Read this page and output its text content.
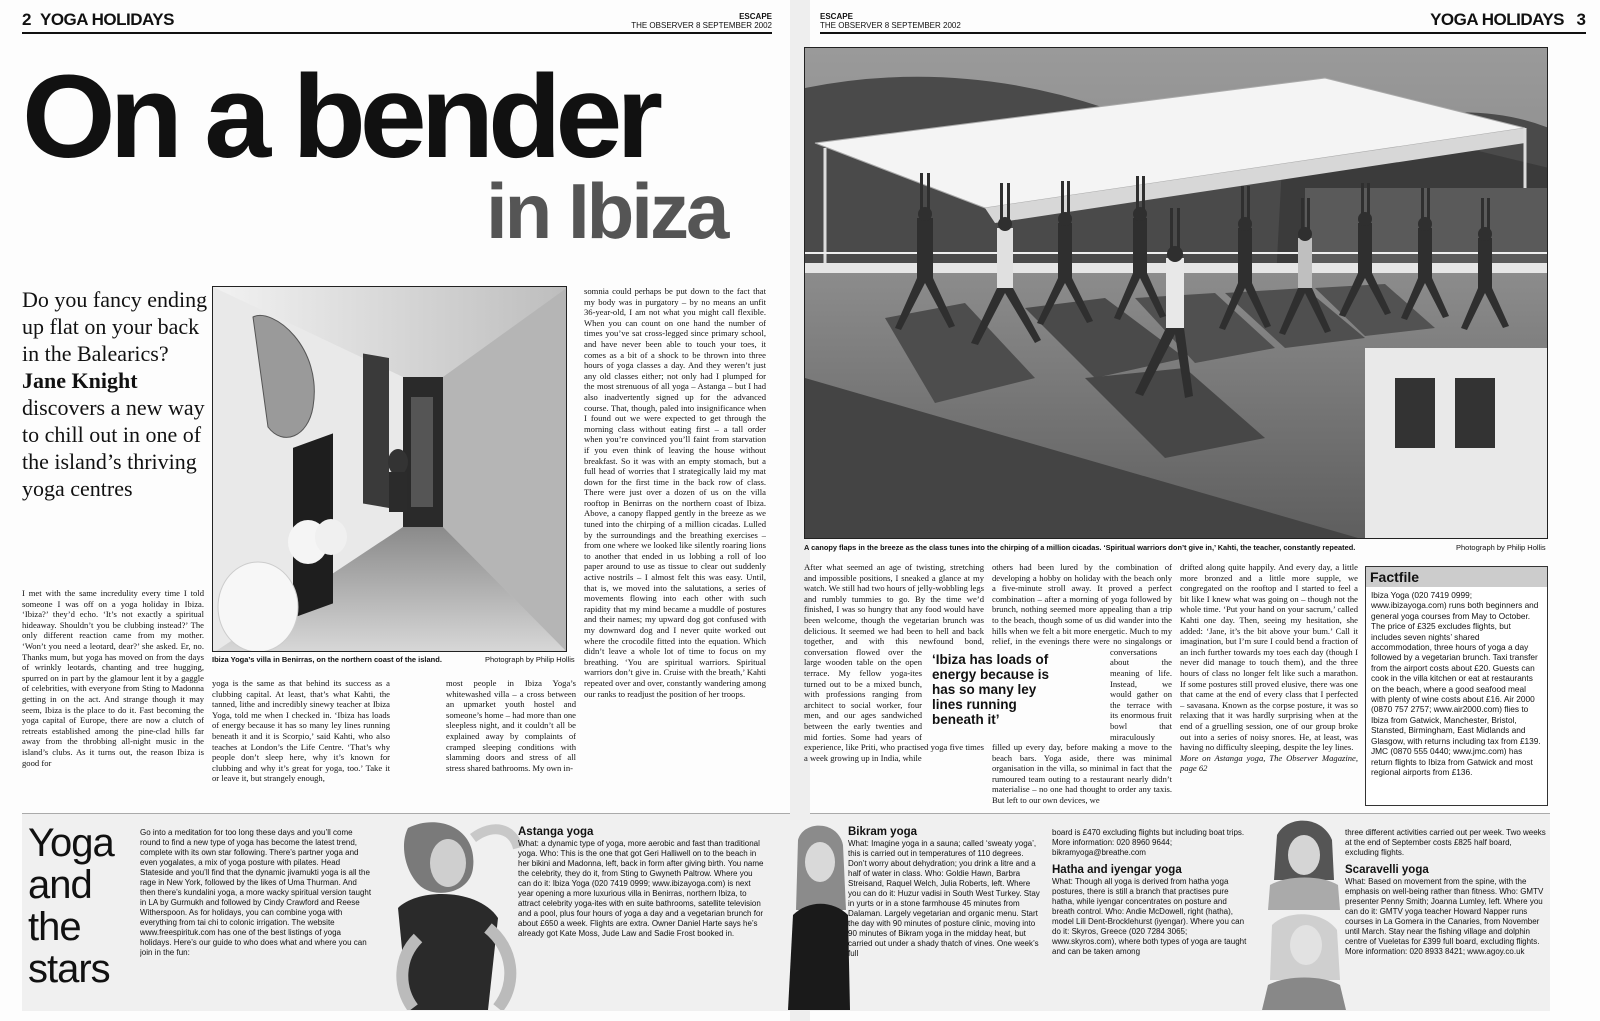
2 YOGA HOLIDAYS	ESCAPE
THE OBSERVER 8 SEPTEMBER 2002
On a bender
in Ibiza
Do you fancy ending up flat on your back in the Balearics? Jane Knight discovers a new way to chill out in one of the island’s thriving yoga centres
Ibiza Yoga’s villa in Benirras, on the northern coast of the island.	Photograph by Philip Hollis
I met with the same incredulity every time I told someone I was off on a yoga holiday in Ibiza. ‘Ibiza?’ they’d echo. ‘It’s not exactly a spiritual hideaway. Shouldn’t you be clubbing instead?’ The only different reaction came from my mother. ‘Won’t you need a leotard, dear?’ she asked. Er, no. Thanks mum, but yoga has moved on from the days of wrinkly leotards, chanting and tree hugging, spurred on in part by the glamour lent it by a gaggle of celebrities, with everyone from Sting to Madonna getting in on the act. And strange though it may seem, Ibiza is the place to do it. Fast becoming the yoga capital of Europe, there are now a clutch of retreats established among the pine-clad hills far away from the throbbing all-night music in the island’s clubs. As it turns out, the reason Ibiza is good for
yoga is the same as that behind its success as a clubbing capital. At least, that’s what Kahti, the tanned, lithe and incredibly sinewy teacher at Ibiza Yoga, told me when I checked in. ‘Ibiza has loads of energy because it has so many ley lines running beneath it and it is Scorpio,’ said Kahti, who also teaches at London’s the Life Centre. ‘That’s why people don’t sleep here, why it’s known for clubbing and why it’s great for yoga, too.’ Take it or leave it, but strangely enough,
most people in Ibiza Yoga’s whitewashed villa – a cross between an upmarket youth hostel and someone’s home – had more than one sleepless night, and it couldn’t all be explained away by complaints of cramped sleeping conditions with slamming doors and stress of all stress shared bathrooms. My own in-
somnia could perhaps be put down to the fact that my body was in purgatory – by no means an unfit 36-year-old, I am not what you might call flexible. When you can count on one hand the number of times you’ve sat cross-legged since primary school, and have never been able to touch your toes, it comes as a bit of a shock to be thrown into three hours of yoga classes a day. And they weren’t just any old classes either; not only had I plumped for the most strenuous of all yoga – Astanga – but I had also inadvertently signed up for the advanced course. That, though, paled into insignificance when I found out we were expected to get through the morning class without eating first – a tall order when you’re convinced you’ll faint from starvation if you even think of leaving the house without breakfast. So it was with an empty stomach, but a full head of worries that I strategically laid my mat down for the first time in the back row of class. There were just over a dozen of us on the villa rooftop in Benirras on the northern coast of Ibiza. Above, a canopy flapped gently in the breeze as we tuned into the chirping of a million cicadas. Lulled by the surroundings and the breathing exercises – from one where we looked like silently roaring lions to another that ended in us lobbing a roll of loo paper around to use as tissue to clear out suddenly active nostrils – I almost felt this was easy. Until, that is, we moved into the salutations, a series of movements flowing into each other with such rapidity that my mind became a muddle of postures and their names; my upward dog got confused with my downward dog and I never quite worked out where the crocodile fitted into the equation. Which didn’t leave a whole lot of time to focus on my breathing. ‘You are spiritual warriors. Spiritual warriors don’t give in. Cruise with the breath,’ Kahti repeated over and over, constantly wandering among our ranks to readjust the position of her troops.
ESCAPE
THE OBSERVER 8 SEPTEMBER 2002	YOGA HOLIDAYS 3
A canopy flaps in the breeze as the class tunes into the chirping of a million cicadas. ‘Spiritual warriors don’t give in,’ Kahti, the teacher, constantly repeated.	Photograph by Philip Hollis
After what seemed an age of twisting, stretching and impossible positions, I sneaked a glance at my watch. We still had two hours of jelly-wobbling legs and rumbly tummies to go. By the time we’d finished, I was so hungry that any food would have been welcome, though the vegetarian brunch was delicious. It seemed we had been to hell and back together, and with this newfound bond, conversation flowed over the large wooden table on the open terrace. My fellow yoga-ites turned out to be a mixed bunch, with professions ranging from architect to social worker, four men, and our ages sandwiched between the early twenties and mid forties. Some had years of experience, like Priti, who practised yoga five times a week growing up in India, while
others had been lured by the combination of developing a hobby on holiday with the beach only a five-minute stroll away. It proved a perfect combination – after a morning of yoga followed by brunch, nothing seemed more appealing than a trip to the beach, though some of us did wander into the hills when we felt a bit more energetic. Much to my relief, in the evenings there were no singalongs or conversations about the meaning of life. Instead, we would gather on the terrace with its enormous fruit bowl that miraculously filled up every day, before making a move to the beach bars. Yoga aside, there was minimal organisation in the villa, so minimal in fact that the rumoured team outing to a restaurant nearly didn’t materialise – no one had thought to order any taxis. But left to our own devices, we
‘Ibiza has loads of energy because is has so many ley lines running beneath it’
drifted along quite happily. And every day, a little more bronzed and a little more supple, we congregated on the rooftop and I started to feel a bit like I knew what was going on – though not the whole time. ‘Put your hand on your sacrum,’ called Kahti one day. Then, seeing my hesitation, she added: ‘Jane, it’s the bit above your bum.’ Call it imagination, but I’m sure I could bend a fraction of an inch further towards my toes each day (though I never did manage to touch them), and the three hours of class no longer felt like such a marathon. If some postures still proved elusive, there was one that came at the end of every class that I perfected – savasana. Known as the corpse posture, it was so relaxing that it was hardly surprising when at the end of a gruelling session, one of our group broke out into a series of noisy snores. He, at least, was having no difficulty sleeping, despite the ley lines.
More on Astanga yoga, The Observer Magazine, page 62
Factfile
Ibiza Yoga (020 7419 0999; www.ibizayoga.com) runs both beginners and general yoga courses from May to October. The price of £325 excludes flights, but includes seven nights’ shared accommodation, three hours of yoga a day followed by a vegetarian brunch. Taxi transfer from the airport costs about £20. Guests can cook in the villa kitchen or eat at restaurants on the beach, where a good seafood meal with plenty of wine costs about £16. Air 2000 (0870 757 2757; www.air2000.com) flies to Ibiza from Gatwick, Manchester, Bristol, Stansted, Birmingham, East Midlands and Glasgow, with returns including tax from £139. JMC (0870 555 0440; www.jmc.com) has return flights to Ibiza from Gatwick and most regional airports from £136.
Yoga
and
the
stars
Go into a meditation for too long these days and you’ll come round to find a new type of yoga has become the latest trend, complete with its own star following. There’s partner yoga and even yogalates, a mix of yoga posture with pilates. Head Stateside and you’ll find that the dynamic jivamukti yoga is all the rage in New York, followed by the likes of Uma Thurman. And then there’s kundalini yoga, a more wacky spiritual version taught in LA by Gurmukh and followed by Cindy Crawford and Reese Witherspoon. As for holidays, you can combine yoga with everything from tai chi to colonic irrigation. The website www.freespirituk.com has one of the best listings of yoga holidays. Here’s our guide to who does what and where you can join in the fun:
Astanga yoga
What: a dynamic type of yoga, more aerobic and fast than traditional yoga. Who: This is the one that got Geri Halliwell on to the beach in her bikini and Madonna, left, back in form after giving birth. You name the celebrity, they do it, from Sting to Gwyneth Paltrow. Where you can do it: Ibiza Yoga (020 7419 0999; www.ibizayoga.com) is next year opening a more luxurious villa in Benirras, northern Ibiza, to attract celebrity yoga-ites with en suite bathrooms, satellite television and a pool, plus four hours of yoga a day and a vegetarian brunch for about £650 a week. Flights are extra. Owner Daniel Harte says he’s already got Kate Moss, Jude Law and Sadie Frost booked in.
Bikram yoga
What: Imagine yoga in a sauna; called ‘sweaty yoga’, this is carried out in temperatures of 110 degrees. Don’t worry about dehydration; you drink a litre and a half of water in class. Who: Goldie Hawn, Barbra Streisand, Raquel Welch, Julia Roberts, left. Where you can do it: Huzur vadisi in South West Turkey. Stay in yurts or in a stone farmhouse 45 minutes from Dalaman. Largely vegetarian and organic menu. Start the day with 90 minutes of posture clinic, moving into 90 minutes of Bikram yoga in the midday heat, but carried out under a shady thatch of vines. One week’s full
board is £470 excluding flights but including boat trips. More information: 020 8960 9644; bikramyoga@breathe.com
Hatha and iyengar yoga
What: Though all yoga is derived from hatha yoga postures, there is still a branch that practises pure hatha, while iyengar concentrates on posture and breath control. Who: Andie McDowell, right (hatha), model Lili Dent-Brocklehurst (iyengar). Where you can do it: Skyros, Greece (020 7284 3065; www.skyros.com), where both types of yoga are taught and can be taken among
three different activities carried out per week. Two weeks at the end of September costs £825 half board, excluding flights.
Scaravelli yoga
What: Based on movement from the spine, with the emphasis on well-being rather than fitness. Who: GMTV presenter Penny Smith; Joanna Lumley, left. Where you can do it: GMTV yoga teacher Howard Napper runs courses in La Gomera in the Canaries, from November until March. Stay near the fishing village and dolphin centre of Vueletas for £399 full board, excluding flights. More information: 020 8933 8421; www.agoy.co.uk
